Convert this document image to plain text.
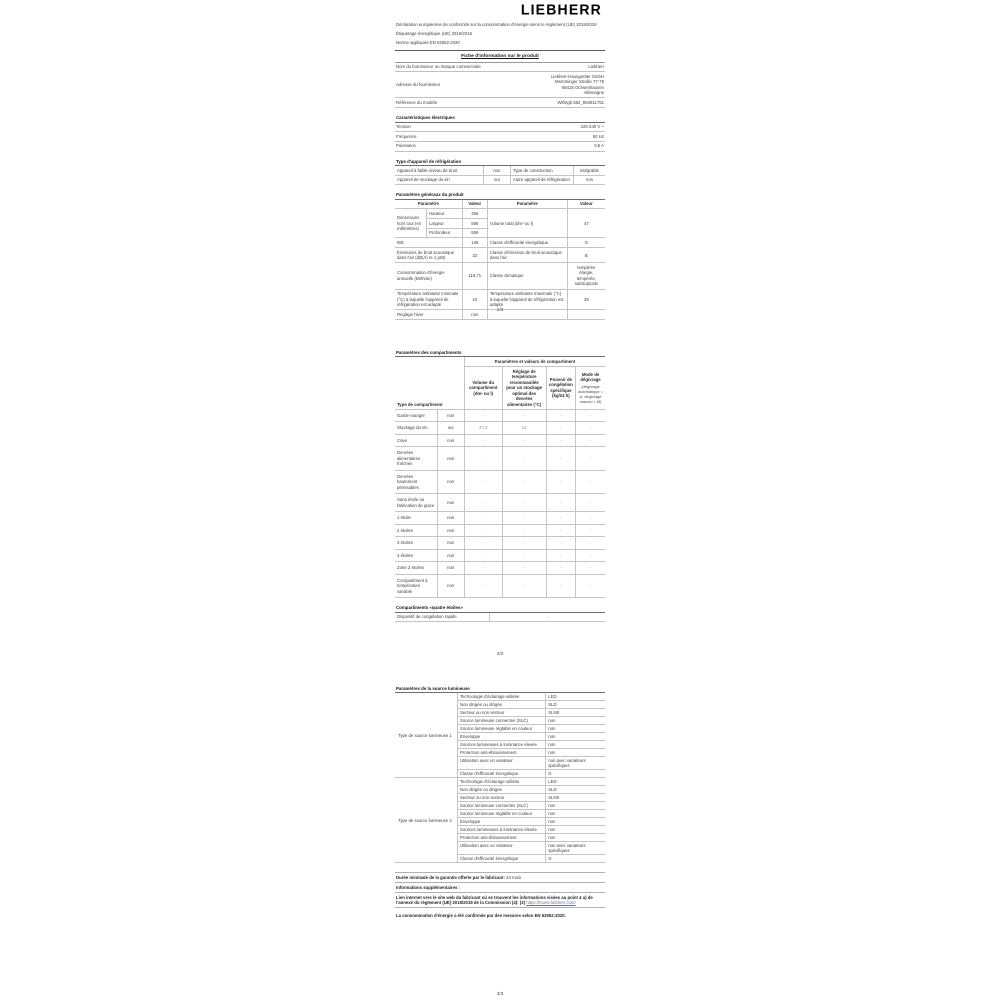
LIEBHERR
Déclaration européenne de conformité sur la consommation d'énergie selon le règlement (UE) 2019/2019
Étiquetage énergétique (UE) 2019/2016
Norme appliquée EN 62552:2020
Fiche d'information sur le produit
Nom du fournisseur ou marque commerciale	Liebherr
Adresse du fournisseur	Liebherr-Hausgeräte GmbH
Memminger Straße 77-79
88416 Ochsenhausen
Allemagne

Référence du modèle	WKEgb 582_993911751
Caractéristiques électriques
Tension	220-240 V ~
Fréquence	50 Hz
Puissance	0.5 A
Type d'appareil de réfrigération
Appareil à faible niveau de bruit	non	Type de construction	intégrable
Appareil de stockage du vin	oui	Autre appareil de réfrigération	non
Paramètres généraux du produit
Paramètre		Valeur	Paramètre	Valeur
Dimensions hors tout (en millimètres)	Hauteur	455	Volume total (dm³ ou l)	47
	Largeur	595		
	Profondeur	559		
IEE		145	Classe d'efficacité énergétique	G
Émissions de bruit acoustique dans l'air (dB(A) re 1 pW)		32	Classe d'émission de bruit acoustique dans l'air	B
Consommation d'énergie annuelle (kWh/an)		119,71	Classe climatique	tempérée élargie, tempérée, subtropicale
Température ambiante minimale (°C) à laquelle l'appareil de réfrigération est adapté		10	Température ambiante maximale (°C) à laquelle l'appareil de réfrigération est adapté	38
Réglage hiver		non		
1/3
Paramètres des compartiments
Type de compartiment		Paramètres et valeurs de compartiment			
		Volume du compartiment (dm³ ou l)	Réglage de température recommandée pour un stockage optimal des denrées alimentaires (°C)	Pouvoir de congélation spécifique (kg/24 h)	Mode de dégivrage
(dégivrage automatique = A, dégivrage manuel = M)

Garde-manger	non	-	-	-	-
Stockage du vin	oui	47,0	12	-	-
Cave	non	-	-	-	-
Denrées alimentaires fraîches	non	-	-	-	-
Denrées hautement périssables	non	-	-	-	-
Sans étoile ou fabrication de glace	non	-	-	-	-
1 étoile	non	-	-	-	-
2 étoiles	non	-	-	-	-
3 étoiles	non	-	-	-	-
4 étoiles	non	-	-	-	-
Zone 2 étoiles	non	-	-	-	-
Compartiment à température variable	non	-	-	-	-
Compartiments «quatre étoiles»
Dispositif de congélation rapide	-
2/3
Paramètres de la source lumineuse
Type de source lumineuse 1
Technologie d'éclairage utilisée	LED
Non dirigée ou dirigée	SLD
Secteur ou non secteur	SLNS
Source lumineuse connectée (SLC)	non
Source lumineuse réglable en couleur	non
Enveloppe	non
Sources lumineuses à luminance élevée	non
Protection anti-éblouissement	non
Utilisation avec un variateur	non avec variateurs spécifiques
Classe d'efficacité énergétique	G
Type de source lumineuse 2
Technologie d'éclairage utilisée	LED
Non dirigée ou dirigée	SLD
Secteur ou non secteur	SLNS
Source lumineuse connectée (SLC)	non
Source lumineuse réglable en couleur	non
Enveloppe	non
Sources lumineuses à luminance élevée	non
Protection anti-éblouissement	non
Utilisation avec un variateur	non avec variateurs spécifiques
Classe d'efficacité énergétique	G
Durée minimale de la garantie offerte par le fabricant: 24 mois
Informations supplémentaires :
Lien internet vers le site web du fabricant où se trouvent les informations visées au point 4 a) de l'annexe du règlement (UE) 2019/2019 de la Commission (4): (2) https://home.liebherr.com/
La consommation d'énergie a été confirmée par des mesures selon EN 62552:2020.
3/3
